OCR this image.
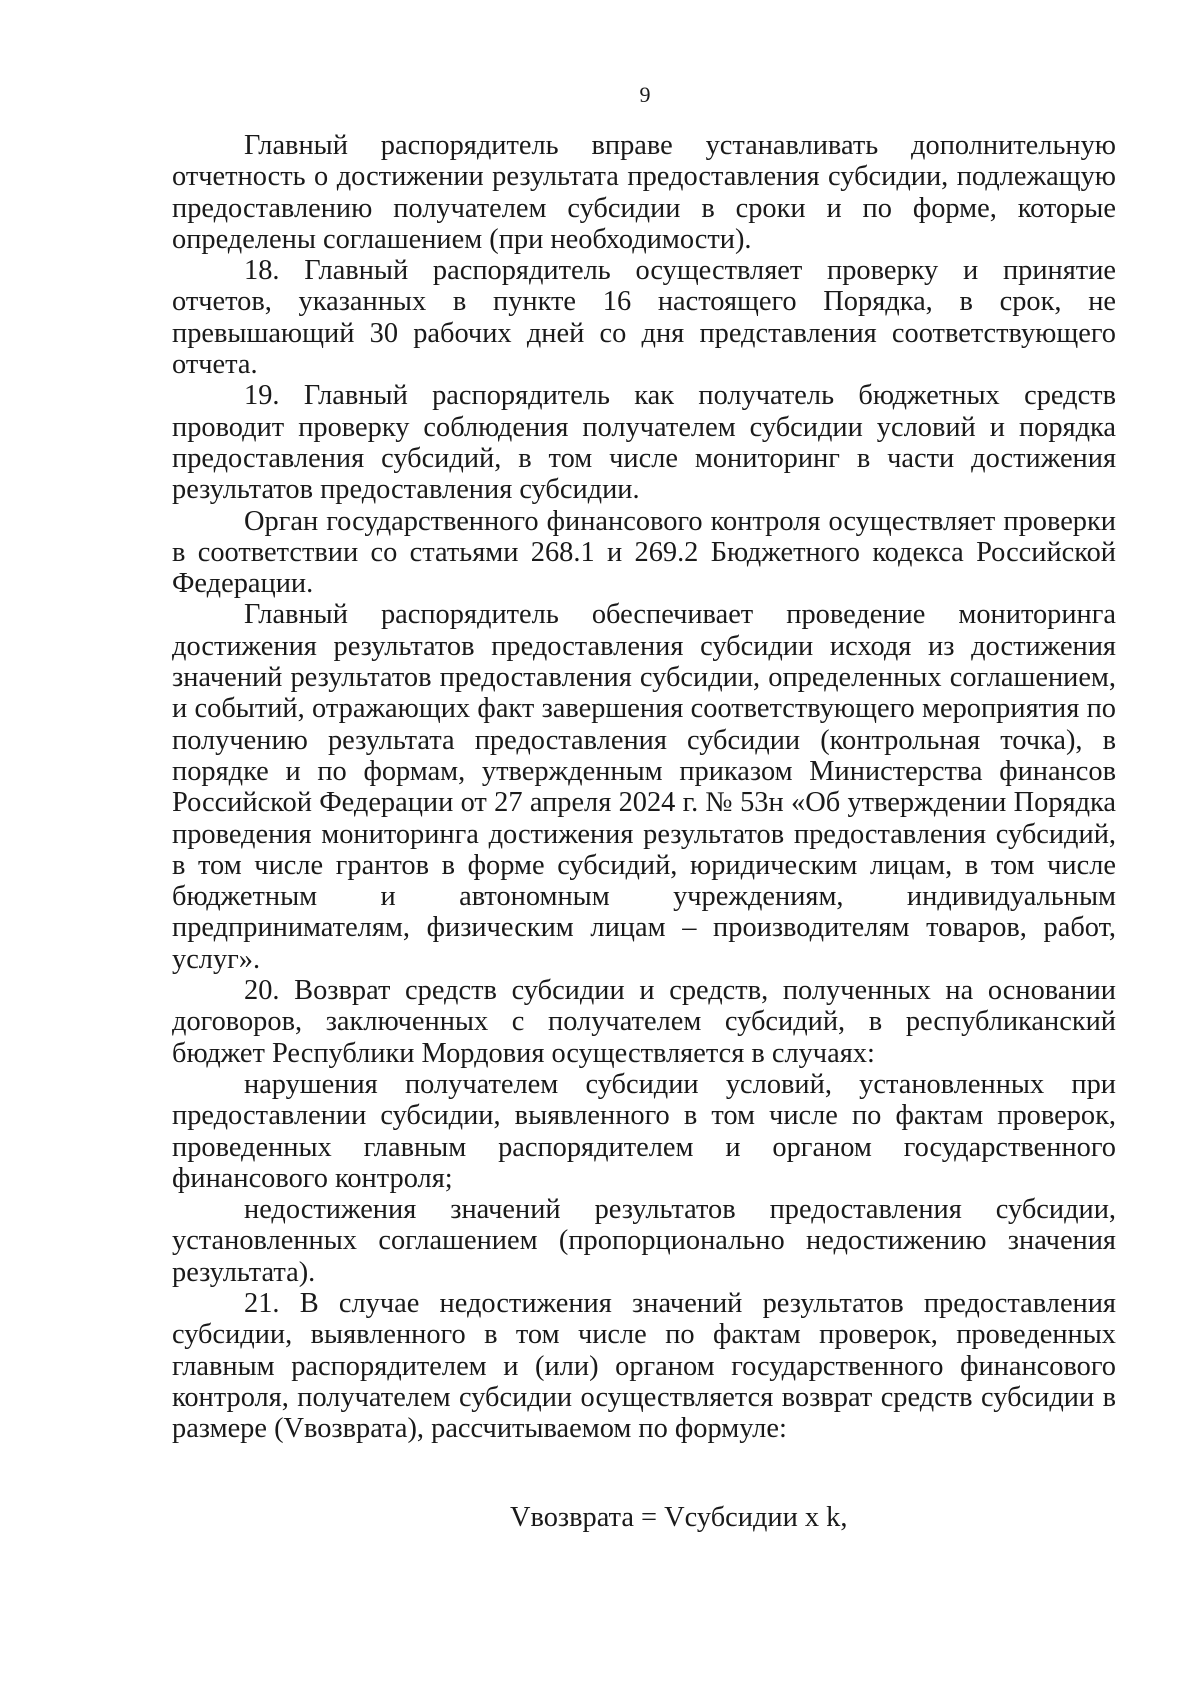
9

Главный распорядитель вправе устанавливать дополнительную отчетность о достижении результата предоставления субсидии, подлежащую предоставлению получателем субсидии в сроки и по форме, которые определены соглашением (при необходимости).

18. Главный распорядитель осуществляет проверку и принятие отчетов, указанных в пункте 16 настоящего Порядка, в срок, не превышающий 30 рабочих дней со дня представления соответствующего отчета.

19. Главный распорядитель как получатель бюджетных средств проводит проверку соблюдения получателем субсидии условий и порядка предоставления субсидий, в том числе мониторинг в части достижения результатов предоставления субсидии.

Орган государственного финансового контроля осуществляет проверки в соответствии со статьями 268.1 и 269.2 Бюджетного кодекса Российской Федерации.

Главный распорядитель обеспечивает проведение мониторинга достижения результатов предоставления субсидии исходя из достижения значений результатов предоставления субсидии, определенных соглашением, и событий, отражающих факт завершения соответствующего мероприятия по получению результата предоставления субсидии (контрольная точка), в порядке и по формам, утвержденным приказом Министерства финансов Российской Федерации от 27 апреля 2024 г. № 53н «Об утверждении Порядка проведения мониторинга достижения результатов предоставления субсидий, в том числе грантов в форме субсидий, юридическим лицам, в том числе бюджетным и автономным учреждениям, индивидуальным предпринимателям, физическим лицам – производителям товаров, работ, услуг».

20. Возврат средств субсидии и средств, полученных на основании договоров, заключенных с получателем субсидий, в республиканский бюджет Республики Мордовия осуществляется в случаях:

нарушения получателем субсидии условий, установленных при предоставлении субсидии, выявленного в том числе по фактам проверок, проведенных главным распорядителем и органом государственного финансового контроля;

недостижения значений результатов предоставления субсидии, установленных соглашением (пропорционально недостижению значения результата).

21. В случае недостижения значений результатов предоставления субсидии, выявленного в том числе по фактам проверок, проведенных главным распорядителем и (или) органом государственного финансового контроля, получателем субсидии осуществляется возврат средств субсидии в размере (Vвозврата), рассчитываемом по формуле:

Vвозврата = Vсубсидии x k,
